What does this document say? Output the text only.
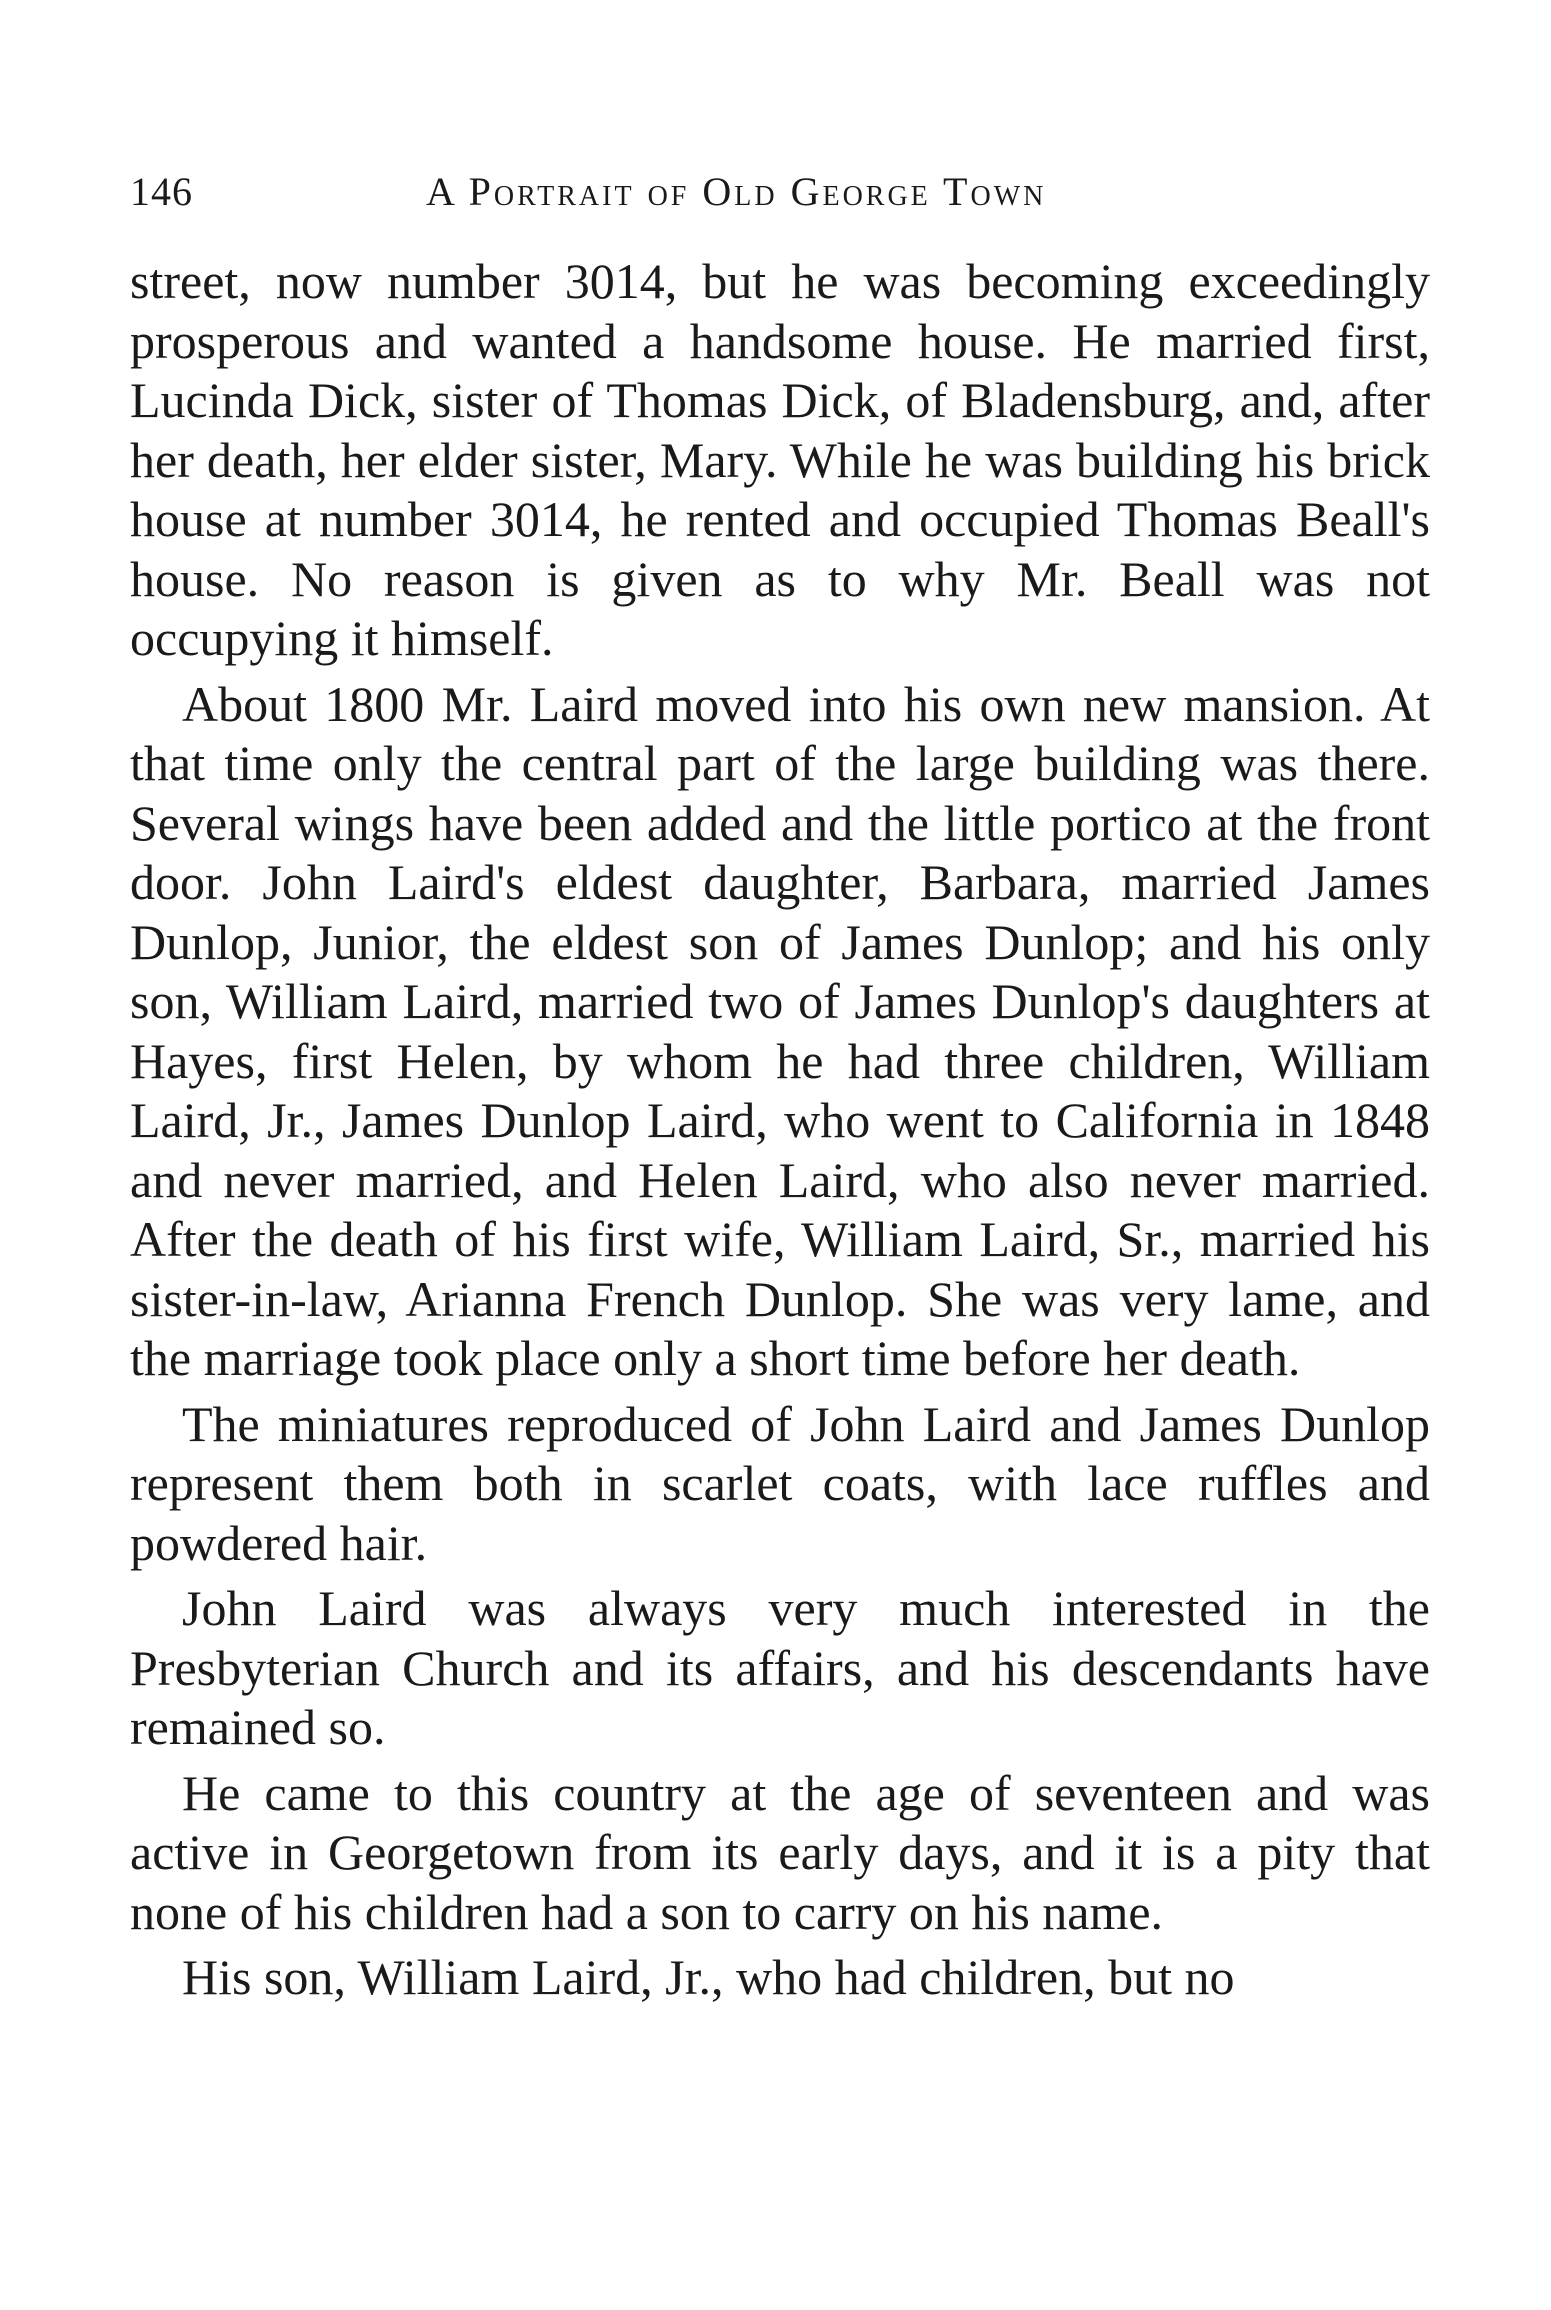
146	A Portrait of Old George Town

street, now number 3014, but he was becoming exceedingly prosperous and wanted a handsome house. He married first, Lucinda Dick, sister of Thomas Dick, of Bladensburg, and, after her death, her elder sister, Mary. While he was building his brick house at number 3014, he rented and occupied Thomas Beall's house. No reason is given as to why Mr. Beall was not occupying it himself.

About 1800 Mr. Laird moved into his own new mansion. At that time only the central part of the large building was there. Several wings have been added and the little portico at the front door. John Laird's eldest daughter, Barbara, married James Dunlop, Junior, the eldest son of James Dunlop; and his only son, William Laird, married two of James Dunlop's daughters at Hayes, first Helen, by whom he had three children, William Laird, Jr., James Dunlop Laird, who went to California in 1848 and never married, and Helen Laird, who also never married. After the death of his first wife, William Laird, Sr., married his sister-in-law, Arianna French Dunlop. She was very lame, and the marriage took place only a short time before her death.

The miniatures reproduced of John Laird and James Dunlop represent them both in scarlet coats, with lace ruffles and powdered hair.

John Laird was always very much interested in the Presbyterian Church and its affairs, and his descendants have remained so.

He came to this country at the age of seventeen and was active in Georgetown from its early days, and it is a pity that none of his children had a son to carry on his name.

His son, William Laird, Jr., who had children, but no
